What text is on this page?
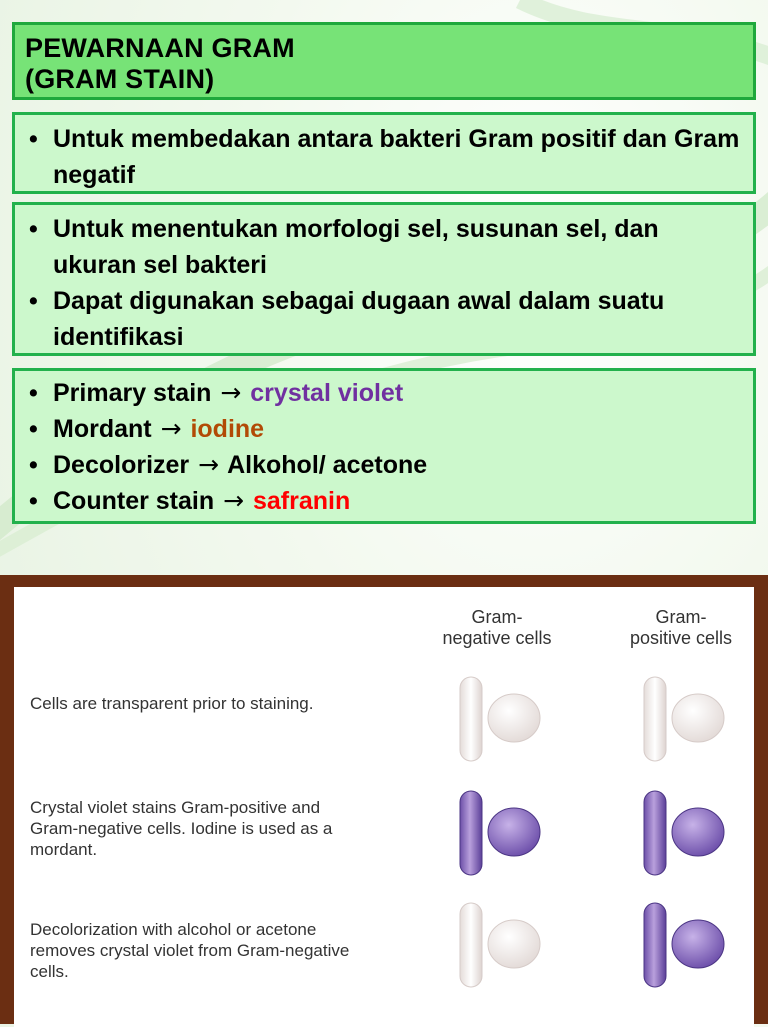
PEWARNAAN GRAM
(GRAM STAIN)
• Untuk membedakan antara bakteri Gram positif dan Gram negatif
• Untuk menentukan morfologi sel, susunan sel, dan ukuran sel bakteri
• Dapat digunakan sebagai dugaan awal dalam suatu identifikasi
• Primary stain → crystal violet
• Mordant → iodine
• Decolorizer → Alkohol/ acetone
• Counter stain → safranin
Gram-negative cells
Gram-positive cells
Cells are transparent prior to staining.
Crystal violet stains Gram-positive and Gram-negative cells. Iodine is used as a mordant.
Decolorization with alcohol or acetone removes crystal violet from Gram-negative cells.
